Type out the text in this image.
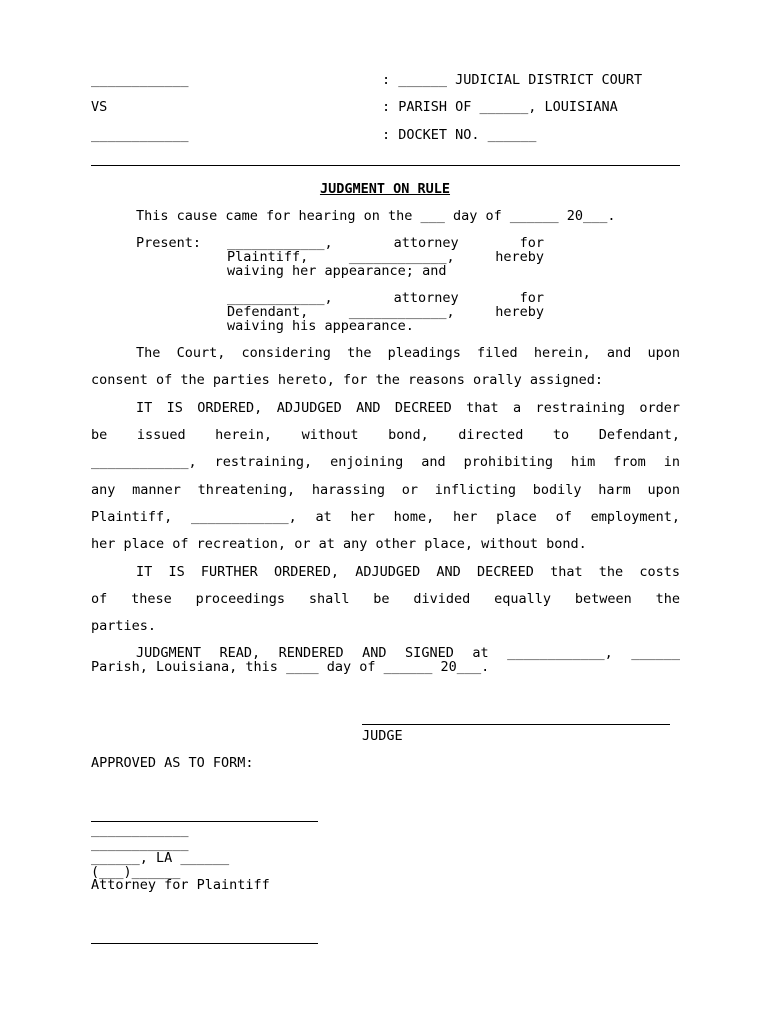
____________
VS
____________
: ______ JUDICIAL DISTRICT COURT
: PARISH OF ______, LOUISIANA
: DOCKET NO. ______
JUDGMENT ON RULE
This cause came for hearing on the ___ day of ______ 20___.
Present: ____________, attorney for
Plaintiff, ____________, hereby
waiving her appearance; and
____________, attorney for
Defendant, ____________, hereby
waiving his appearance.
The Court, considering the pleadings filed herein, and upon
consent of the parties hereto, for the reasons orally assigned:
IT IS ORDERED, ADJUDGED AND DECREED that a restraining order
be issued herein, without bond, directed to Defendant,
____________, restraining, enjoining and prohibiting him from in
any manner threatening, harassing or inflicting bodily harm upon
Plaintiff, ____________, at her home, her place of employment,
her place of recreation, or at any other place, without bond.
IT IS FURTHER ORDERED, ADJUDGED AND DECREED that the costs
of these proceedings shall be divided equally between the
parties.
JUDGMENT READ, RENDERED AND SIGNED at ____________, ______
Parish, Louisiana, this ____ day of ______ 20___.
JUDGE
APPROVED AS TO FORM:
____________
____________
______, LA ______
(___)______
Attorney for Plaintiff
